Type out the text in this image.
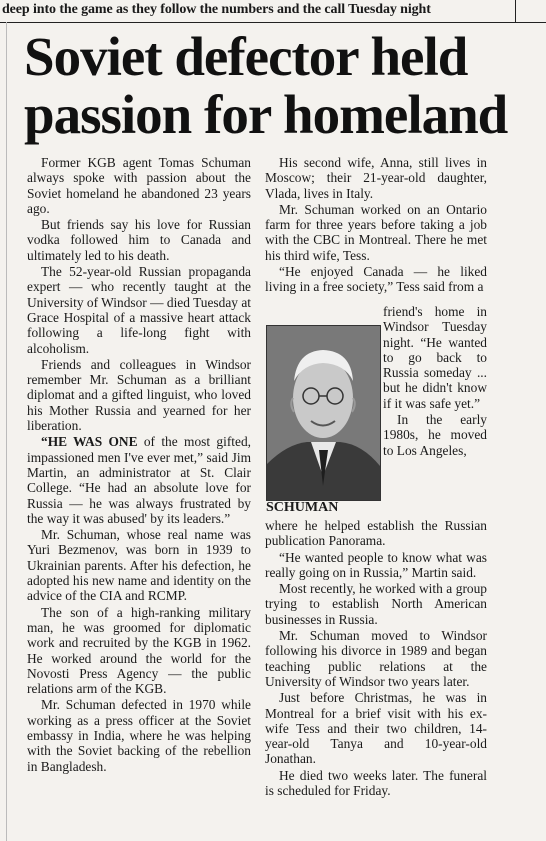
deep into the game as they follow the numbers and the call Tuesday night
Soviet defector held passion for homeland

Former KGB agent Tomas Schuman always spoke with passion about the Soviet homeland he abandoned 23 years ago.

But friends say his love for Russian vodka followed him to Canada and ultimately led to his death.

The 52-year-old Russian propaganda expert — who recently taught at the University of Windsor — died Tuesday at Grace Hospital of a massive heart attack following a life-long fight with alcoholism.

Friends and colleagues in Windsor remember Mr. Schuman as a brilliant diplomat and a gifted linguist, who loved his Mother Russia and yearned for her liberation.

“HE WAS ONE of the most gifted, impassioned men I've ever met,” said Jim Martin, an administrator at St. Clair College. “He had an absolute love for Russia — he was always frustrated by the way it was abused' by its leaders.”

Mr. Schuman, whose real name was Yuri Bezmenov, was born in 1939 to Ukrainian parents. After his defection, he adopted his new name and identity on the advice of the CIA and RCMP.

The son of a high-ranking military man, he was groomed for diplomatic work and recruited by the KGB in 1962. He worked around the world for the Novosti Press Agency — the public relations arm of the KGB.

Mr. Schuman defected in 1970 while working as a press officer at the Soviet embassy in India, where he was helping with the Soviet backing of the rebellion in Bangladesh.

His second wife, Anna, still lives in Moscow; their 21-year-old daughter, Vlada, lives in Italy.

Mr. Schuman worked on an Ontario farm for three years before taking a job with the CBC in Montreal. There he met his third wife, Tess.

“He enjoyed Canada — he liked living in a free society,” Tess said from a

SCHUMAN

friend's home in Windsor Tuesday night. “He wanted to go back to Russia someday ... but he didn't know if it was safe yet.”

In the early 1980s, he moved to Los Angeles,

where he helped establish the Russian publication Panorama.

“He wanted people to know what was really going on in Russia,” Martin said.

Most recently, he worked with a group trying to establish North American businesses in Russia.

Mr. Schuman moved to Windsor following his divorce in 1989 and began teaching public relations at the University of Windsor two years later.

Just before Christmas, he was in Montreal for a brief visit with his ex-wife Tess and their two children, 14-year-old Tanya and 10-year-old Jonathan.

He died two weeks later. The funeral is scheduled for Friday.
